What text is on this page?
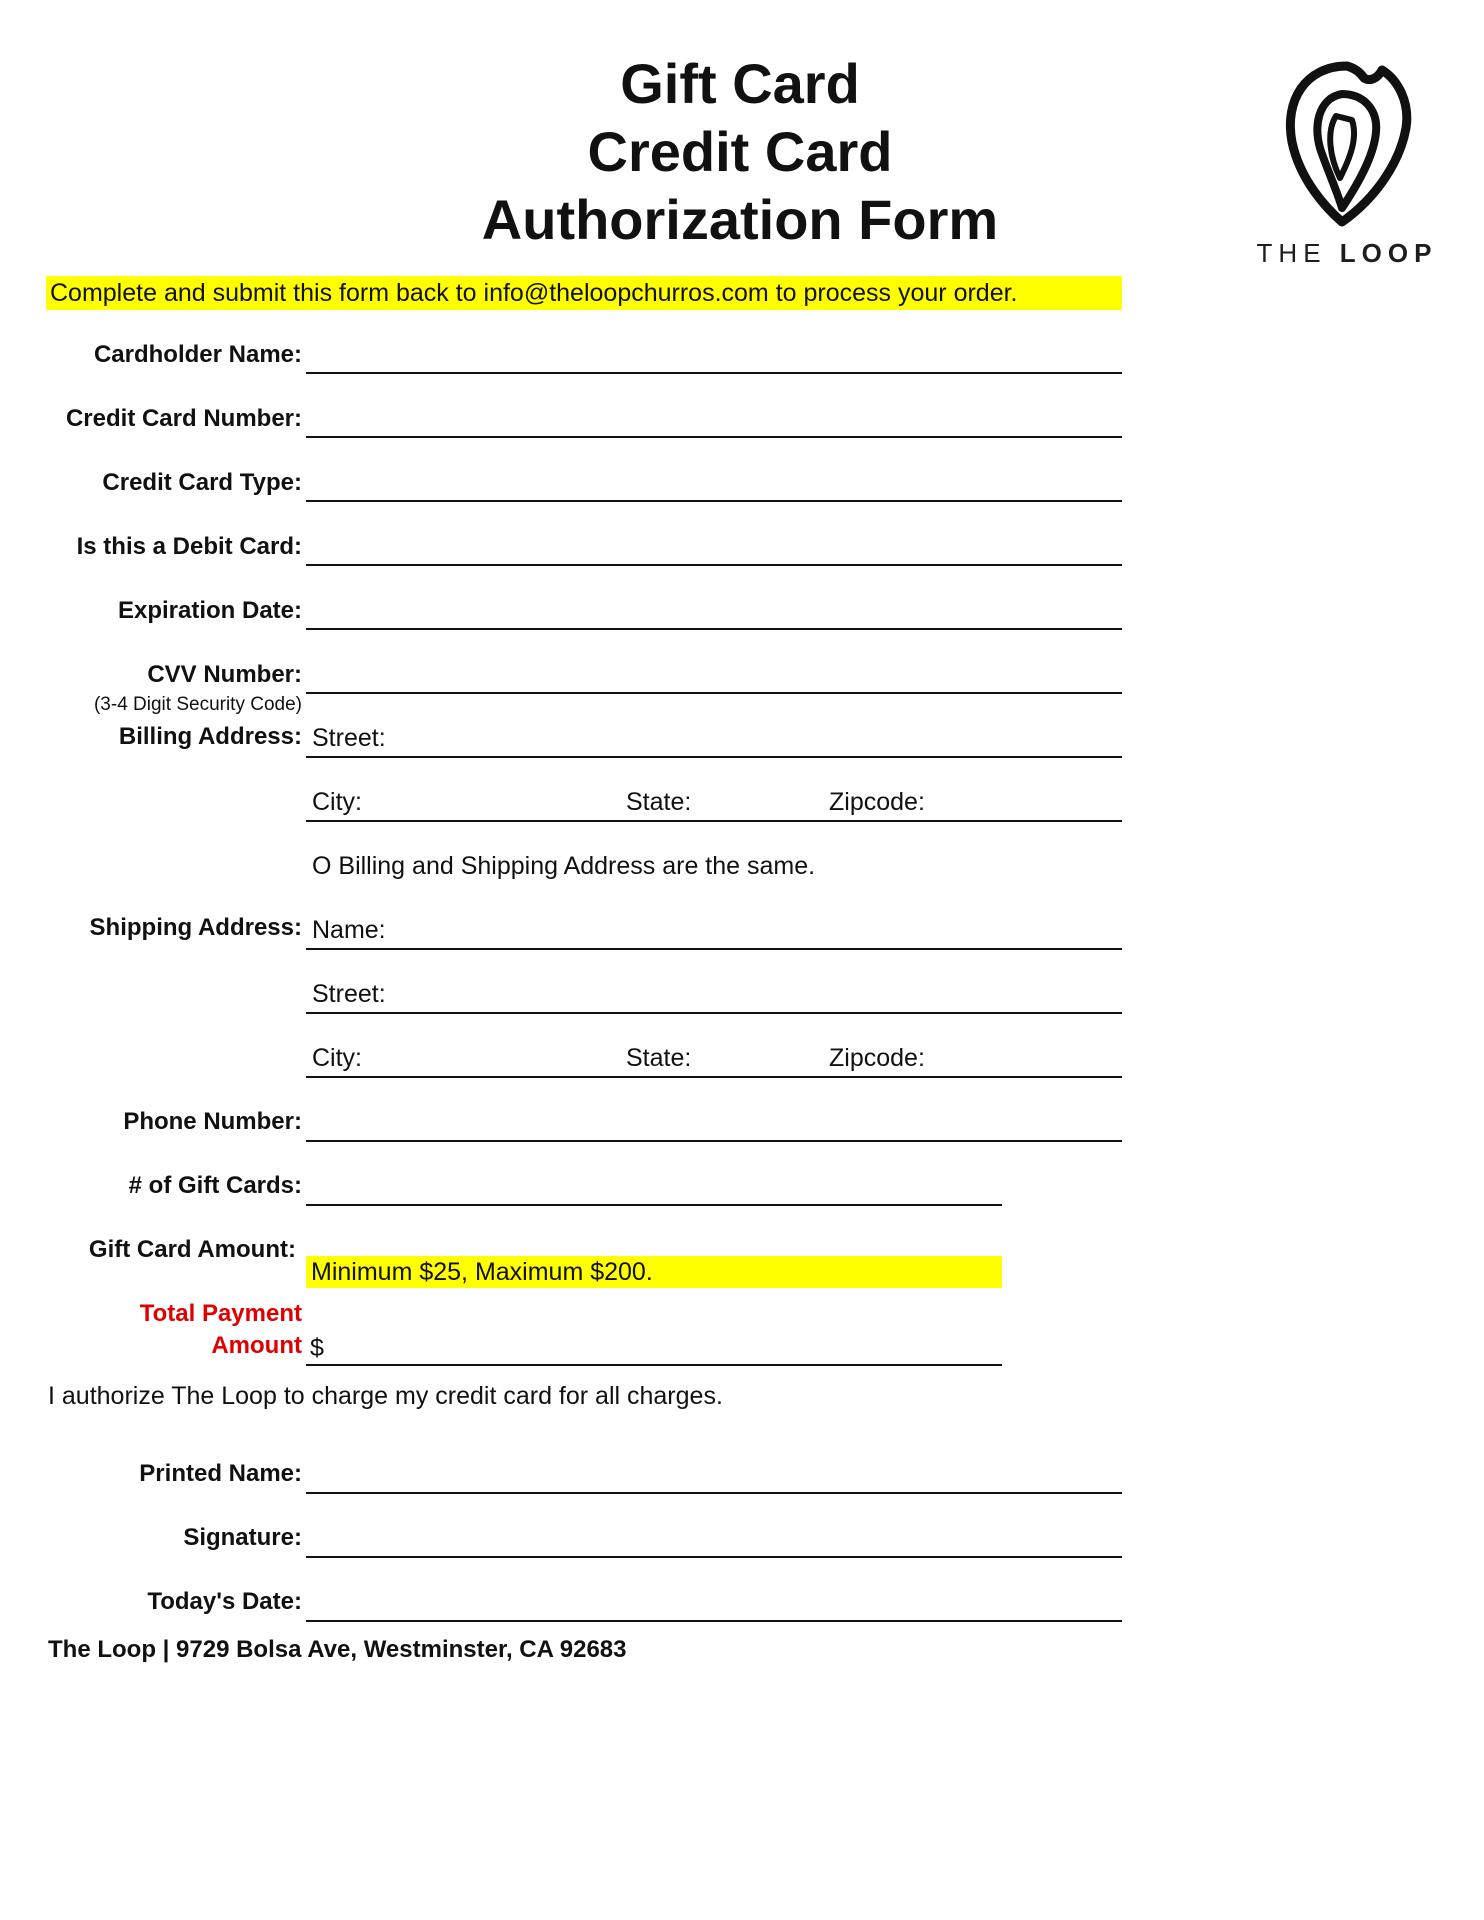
Gift Card
Credit Card
Authorization Form
THE LOOP
Complete and submit this form back to info@theloopchurros.com to process your order.
Cardholder Name:
Credit Card Number:
Credit Card Type:
Is this a Debit Card:
Expiration Date:
CVV Number:
(3-4 Digit Security Code)
Billing Address: Street:
City:	State:	Zipcode:
O Billing and Shipping Address are the same.
Shipping Address: Name:
Street:
City:	State:	Zipcode:
Phone Number:
# of Gift Cards:
Gift Card Amount:
Minimum $25, Maximum $200.
Total Payment
Amount $
I authorize The Loop to charge my credit card for all charges.
Printed Name:
Signature:
Today's Date:
The Loop | 9729 Bolsa Ave, Westminster, CA 92683
